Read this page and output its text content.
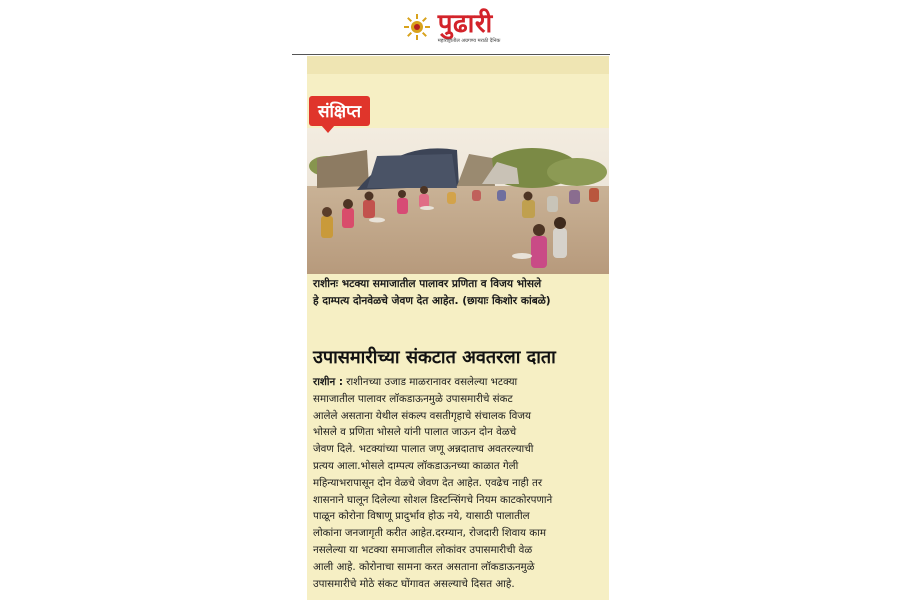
पुढारी
महाराष्ट्रातील अग्रगण्य मराठी दैनिक
संक्षिप्त
राशीनः भटक्या समाजातील पालावर प्रणिता व विजय भोसले
हे दाम्पत्य दोनवेळचे जेवण देत आहेत. (छायाः किशोर कांबळे)
उपासमारीच्या संकटात अवतरला दाता
राशीन : राशीनच्या उजाड माळरानावर वसलेल्या भटक्या
समाजातील पालावर लॉकडाऊनमुळे उपासमारीचे संकट
आलेले असताना येथील संकल्प वसतीगृहाचे संचालक विजय
भोसले व प्रणिता भोसले यांनी पालात जाऊन दोन वेळचे
जेवण दिले. भटक्यांच्या पालात जणू अन्नदाताच अवतरल्याची
प्रत्यय आला.भोसले दाम्पत्य लॉकडाऊनच्या काळात गेली
महिन्याभरापासून दोन वेळचे जेवण देत आहेत. एवढेच नाही तर
शासनाने घालून दिलेल्या सोशल डिस्टन्सिंगचे नियम काटकोरपणाने
पाळून कोरोना विषाणू प्रादुर्भाव होऊ नये, यासाठी पालातील
लोकांना जनजागृती करीत आहेत.दरम्यान, रोजदारी शिवाय काम
नसलेल्या या भटक्या समाजातील लोकांवर उपासमारीची वेळ
आली आहे. कोरोनाचा सामना करत असताना लॉकडाऊनमुळे
उपासमारीचे मोठे संकट घोंगावत असल्याचे दिसत आहे.
